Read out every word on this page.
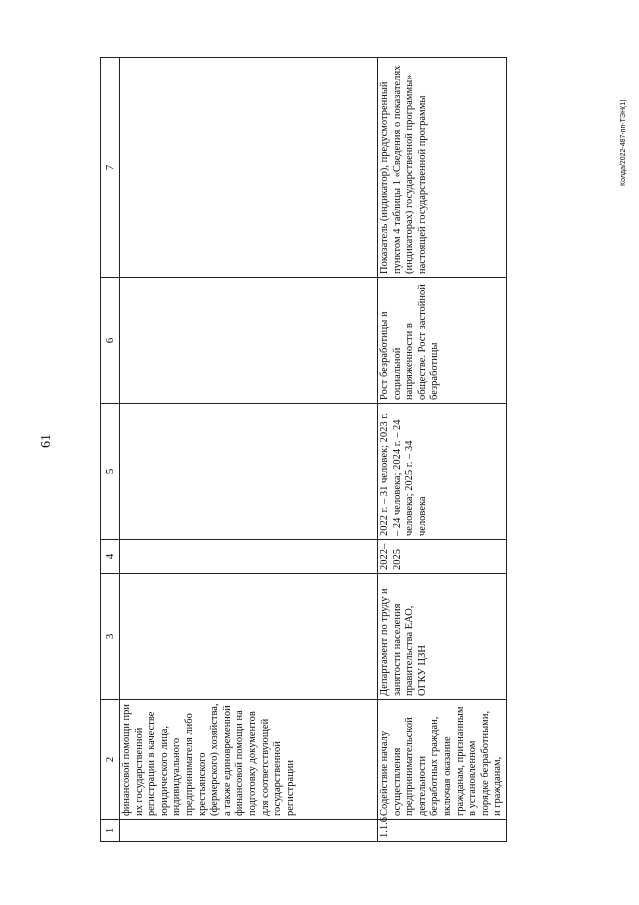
61
Колда/2022-487-пп-ТЭН(1)
1	2	3	4	5	6	7
	финансовой помощи при их государственной регистрации в качестве юридического лица, индивидуального предпринимателя либо крестьянского (фермерского) хозяйства, а также единовременной финансовой помощи на подготовку документов для соответствующей государственной регистрации					
1.1.6	Содействие началу осуществления предпринимательской деятельности безработных граждан, включая оказание гражданам, признанным в установленном порядке безработными, и гражданам,	Департамент по труду и занятости населения правительства ЕАО, ОГКУ ЦЗН	2022–2025	2022 г. – 31 человек; 2023 г. – 24 человека; 2024 г. – 24 человека; 2025 г. – 34 человека	Рост безработицы и социальной напряженности в обществе. Рост застойной безработицы	Показатель (индикатор), предусмотренный пунктом 4 таблицы 1 «Сведения о показателях (индикаторах) государственной программы» настоящей государственной программы
